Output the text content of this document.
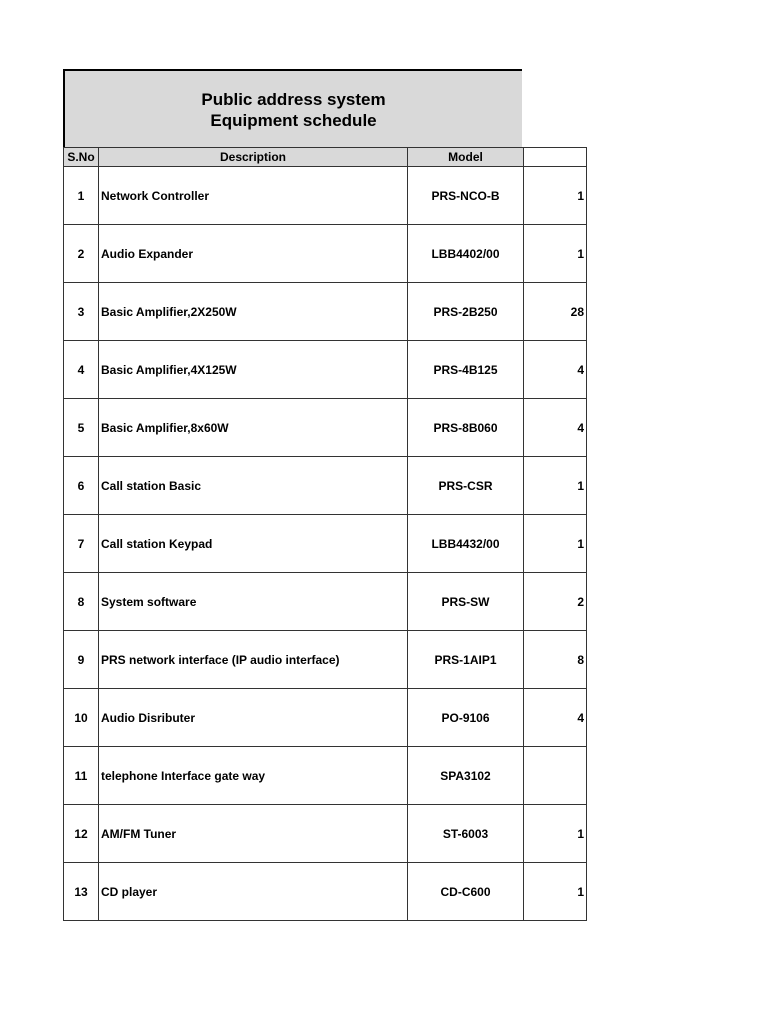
Public address system
Equipment schedule
S.No	Description	Model	
1	Network Controller	PRS-NCO-B	1
2	Audio Expander	LBB4402/00	1
3	Basic Amplifier,2X250W	PRS-2B250	28
4	Basic Amplifier,4X125W	PRS-4B125	4
5	Basic Amplifier,8x60W	PRS-8B060	4
6	Call station Basic	PRS-CSR	1
7	Call station Keypad	LBB4432/00	1
8	System software	PRS-SW	2
9	PRS network interface (IP audio interface)	PRS-1AIP1	8
10	Audio Disributer	PO-9106	4
11	telephone Interface gate way	SPA3102	
12	AM/FM Tuner	ST-6003	1
13	CD player	CD-C600	1
